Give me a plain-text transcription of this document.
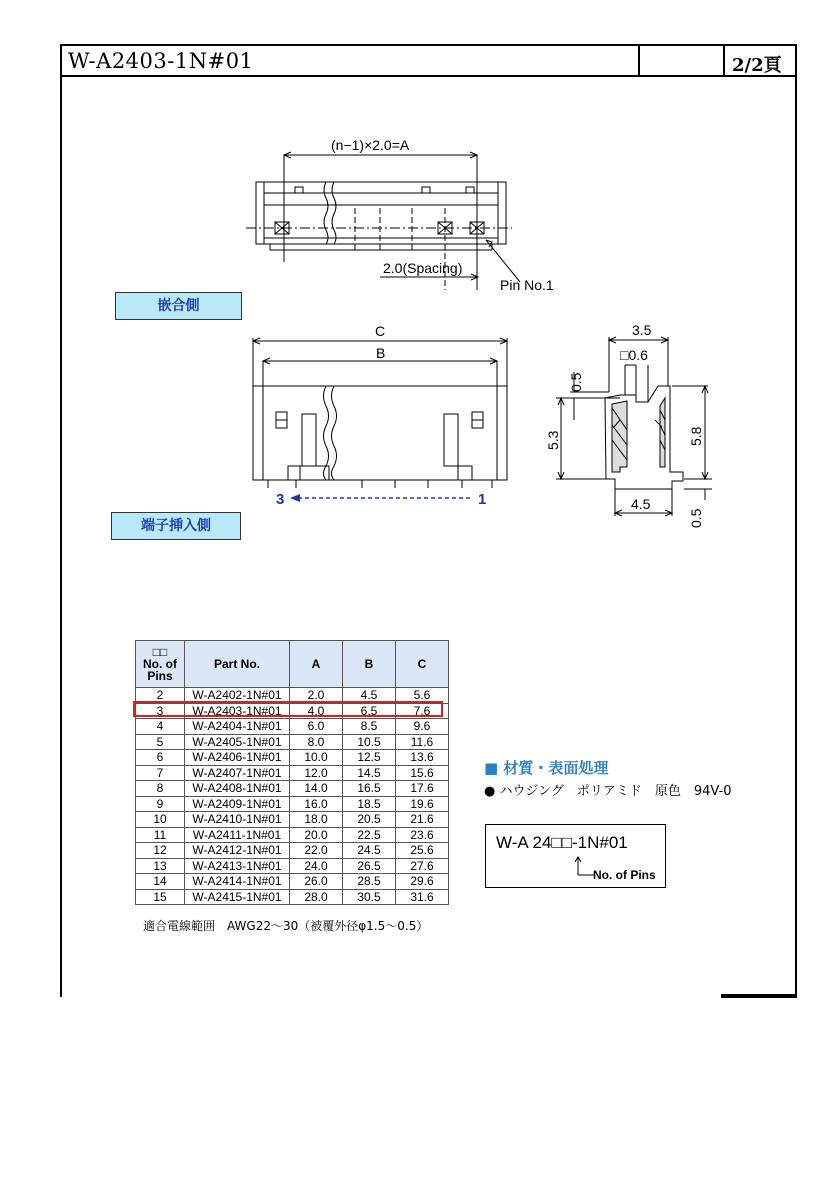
W-A2403-1N#01	2/2頁
(n−1)×2.0=A
2.0(Spacing)
Pin No.1
C
B
3	1
3.5
□0.6
0.5
5.3	5.8
4.5
0.5
嵌合側
端子挿入側
□□
No. of
Pins	Part No.	A	B	C
2	W-A2402-1N#01	2.0	4.5	5.6
3	W-A2403-1N#01	4.0	6.5	7.6
4	W-A2404-1N#01	6.0	8.5	9.6
5	W-A2405-1N#01	8.0	10.5	11.6
6	W-A2406-1N#01	10.0	12.5	13.6
7	W-A2407-1N#01	12.0	14.5	15.6
8	W-A2408-1N#01	14.0	16.5	17.6
9	W-A2409-1N#01	16.0	18.5	19.6
10	W-A2410-1N#01	18.0	20.5	21.6
11	W-A2411-1N#01	20.0	22.5	23.6
12	W-A2412-1N#01	22.0	24.5	25.6
13	W-A2413-1N#01	24.0	26.5	27.6
14	W-A2414-1N#01	26.0	28.5	29.6
15	W-A2415-1N#01	28.0	30.5	31.6
適合電線範囲　AWG22〜30（被覆外径φ1.5〜0.5）
■ 材質・表面処理
● ハウジング　ポリアミド　原色　94V-0
W-A 24□□-1N#01
No. of Pins
